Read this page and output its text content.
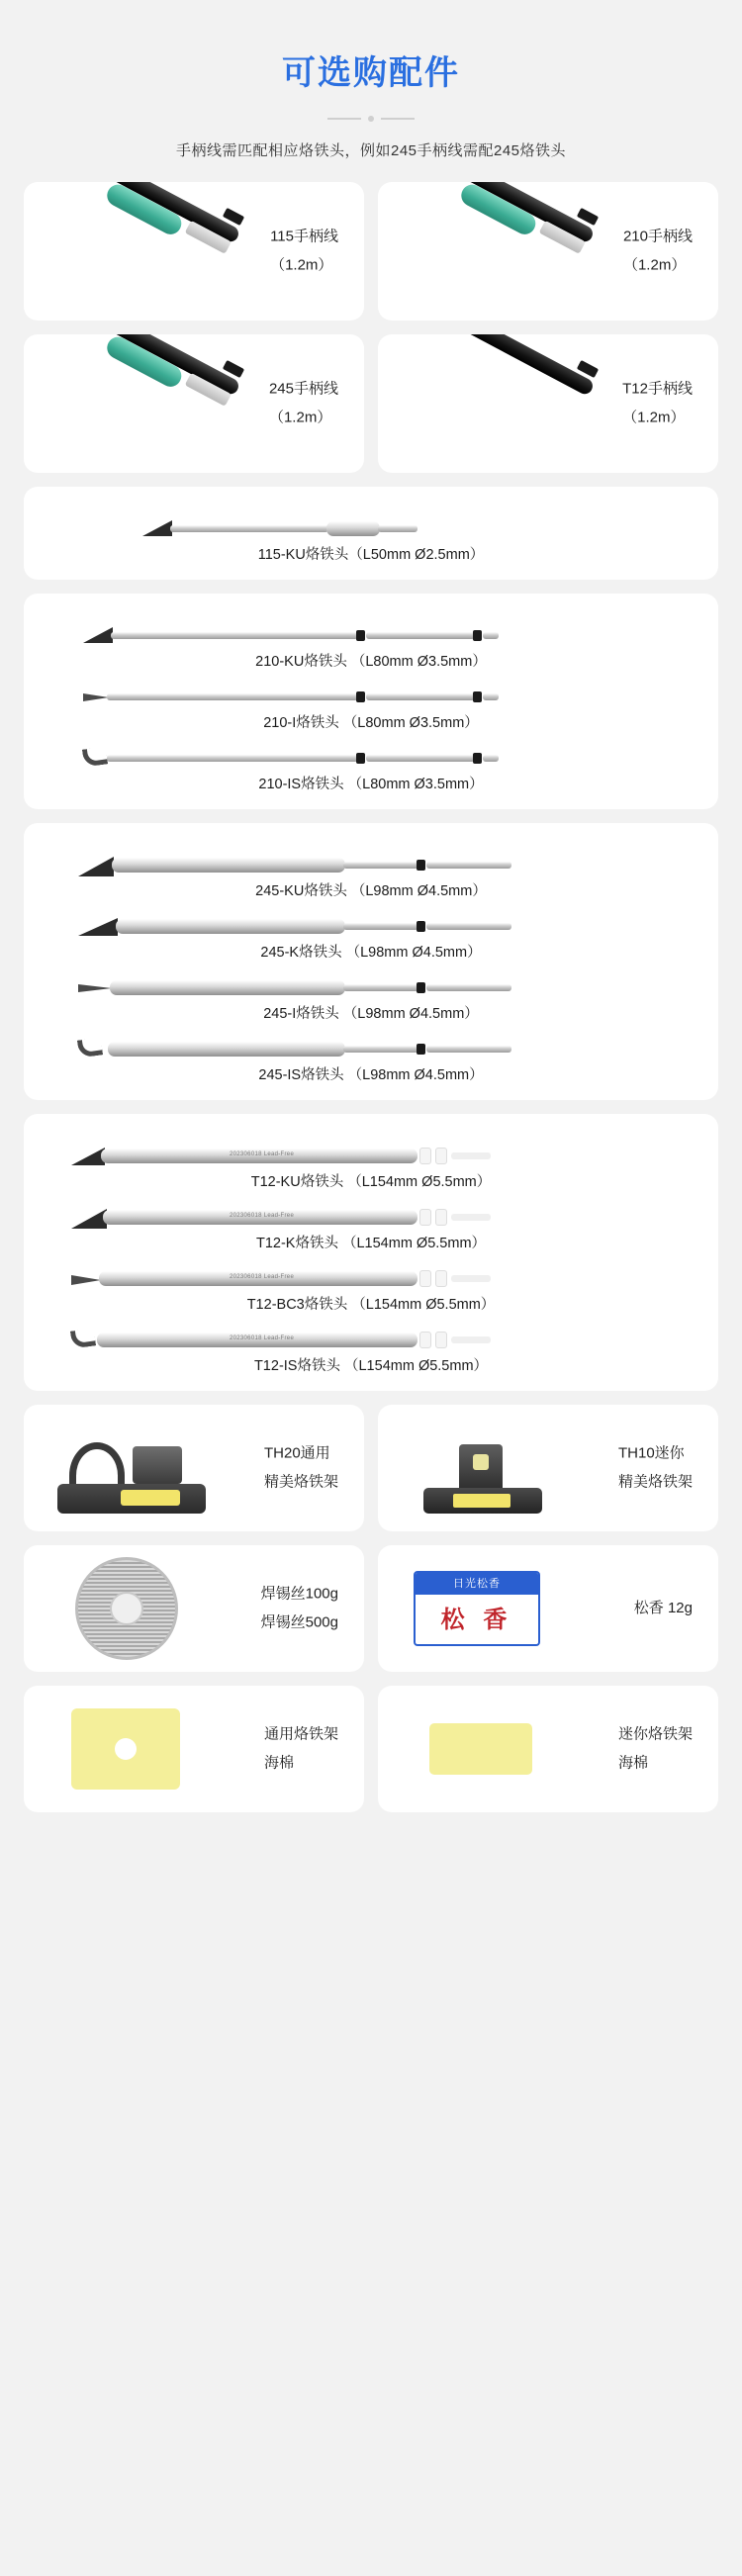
可选购配件
手柄线需匹配相应烙铁头，例如245手柄线需配245烙铁头
115手柄线
（1.2m）
210手柄线
（1.2m）
245手柄线
（1.2m）
T12手柄线
（1.2m）
115-KU烙铁头（L50mm Ø2.5mm）
210-KU烙铁头 （L80mm Ø3.5mm）
210-I烙铁头 （L80mm Ø3.5mm）
210-IS烙铁头 （L80mm Ø3.5mm）
245-KU烙铁头 （L98mm Ø4.5mm）
245-K烙铁头 （L98mm Ø4.5mm）
245-I烙铁头 （L98mm Ø4.5mm）
245-IS烙铁头 （L98mm Ø4.5mm）
202306018 Lead-Free
T12-KU烙铁头 （L154mm Ø5.5mm）
202306018 Lead-Free
T12-K烙铁头 （L154mm Ø5.5mm）
202306018 Lead-Free
T12-BC3烙铁头 （L154mm Ø5.5mm）
202306018 Lead-Free
T12-IS烙铁头 （L154mm Ø5.5mm）
TH20通用
精美烙铁架
TH10迷你
精美烙铁架
焊锡丝100g
焊锡丝500g
日光松香
松 香	松香 12g
通用烙铁架
海棉
迷你烙铁架
海棉
